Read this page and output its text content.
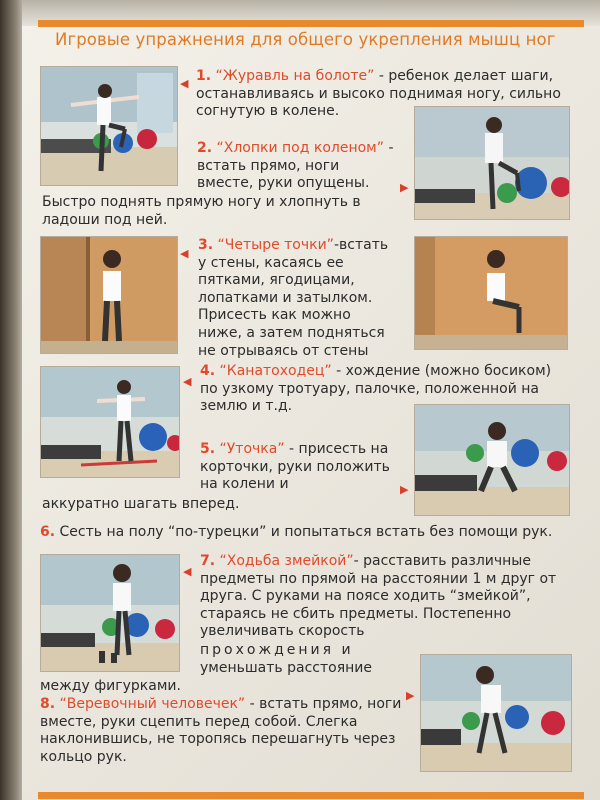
Игровые упражнения для общего укрепления мышц ног
◀ 1. “Журавль на болоте” - ребенок делает шаги, останавливаясь и высоко поднимая ногу, сильно согнутую в колене.

▶

2. “Хлопки под коленом” - встать прямо, ноги вместе, руки опущены.

Быстро поднять прямую ногу и хлопнуть в ладоши под ней.

◀

3. “Четыре точки”-встать у стены, касаясь ее пятками, ягодицами, лопатками и затылком. Присесть как можно ниже, а затем подняться не отрываясь от стены

◀

4. “Канатоходец” - хождение (можно босиком) по узкому тротуару, палочке, положенной на землю и т.д.

5. “Уточка” - присесть на корточки, руки положить на колени и

аккуратно шагать вперед.

▶

6. Сесть на полу “по-турецки” и попытаться встать без помощи рук.

◀

7. “Ходьба змейкой”- расставить различные предметы по прямой на расстоянии 1 м друг от друга. С руками на поясе ходить “змейкой”, стараясь не сбить предметы. Постепенно увеличивать скорость

прохождения и

уменьшать расстояние

между фигурками.

▶

8. “Веревочный человечек” - встать прямо, ноги вместе, руки сцепить перед собой. Слегка наклонившись, не торопясь перешагнуть через кольцо рук.
